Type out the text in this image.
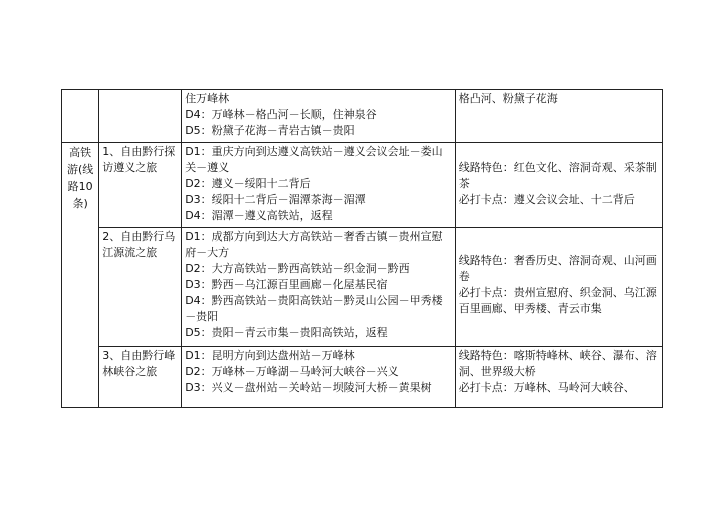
		住万峰林
D4：万峰林－格凸河－长顺，住神泉谷
D5：粉黛子花海－青岩古镇－贵阳	格凸河、粉黛子花海

高铁游(线路10条)	1、自由黔行探访遵义之旅	D1：重庆方向到达遵义高铁站－遵义会议会址－娄山关－遵义
D2：遵义－绥阳十二背后
D3：绥阳十二背后－湄潭茶海－湄潭
D4：湄潭－遵义高铁站，返程	线路特色：红色文化、溶洞奇观、采茶制茶
必打卡点：遵义会议会址、十二背后

	2、自由黔行乌江源流之旅	D1：成都方向到达大方高铁站－奢香古镇－贵州宣慰府－大方
D2：大方高铁站－黔西高铁站－织金洞－黔西
D3：黔西－乌江源百里画廊－化屋基民宿
D4：黔西高铁站－贵阳高铁站－黔灵山公园－甲秀楼－贵阳
D5：贵阳－青云市集－贵阳高铁站，返程	线路特色：奢香历史、溶洞奇观、山河画卷
必打卡点：贵州宣慰府、织金洞、乌江源百里画廊、甲秀楼、青云市集

	3、自由黔行峰林峡谷之旅	D1：昆明方向到达盘州站－万峰林
D2：万峰林－万峰湖－马岭河大峡谷－兴义
D3：兴义－盘州站－关岭站－坝陵河大桥－黄果树	线路特色：喀斯特峰林、峡谷、瀑布、溶洞、世界级大桥
必打卡点：万峰林、马岭河大峡谷、
